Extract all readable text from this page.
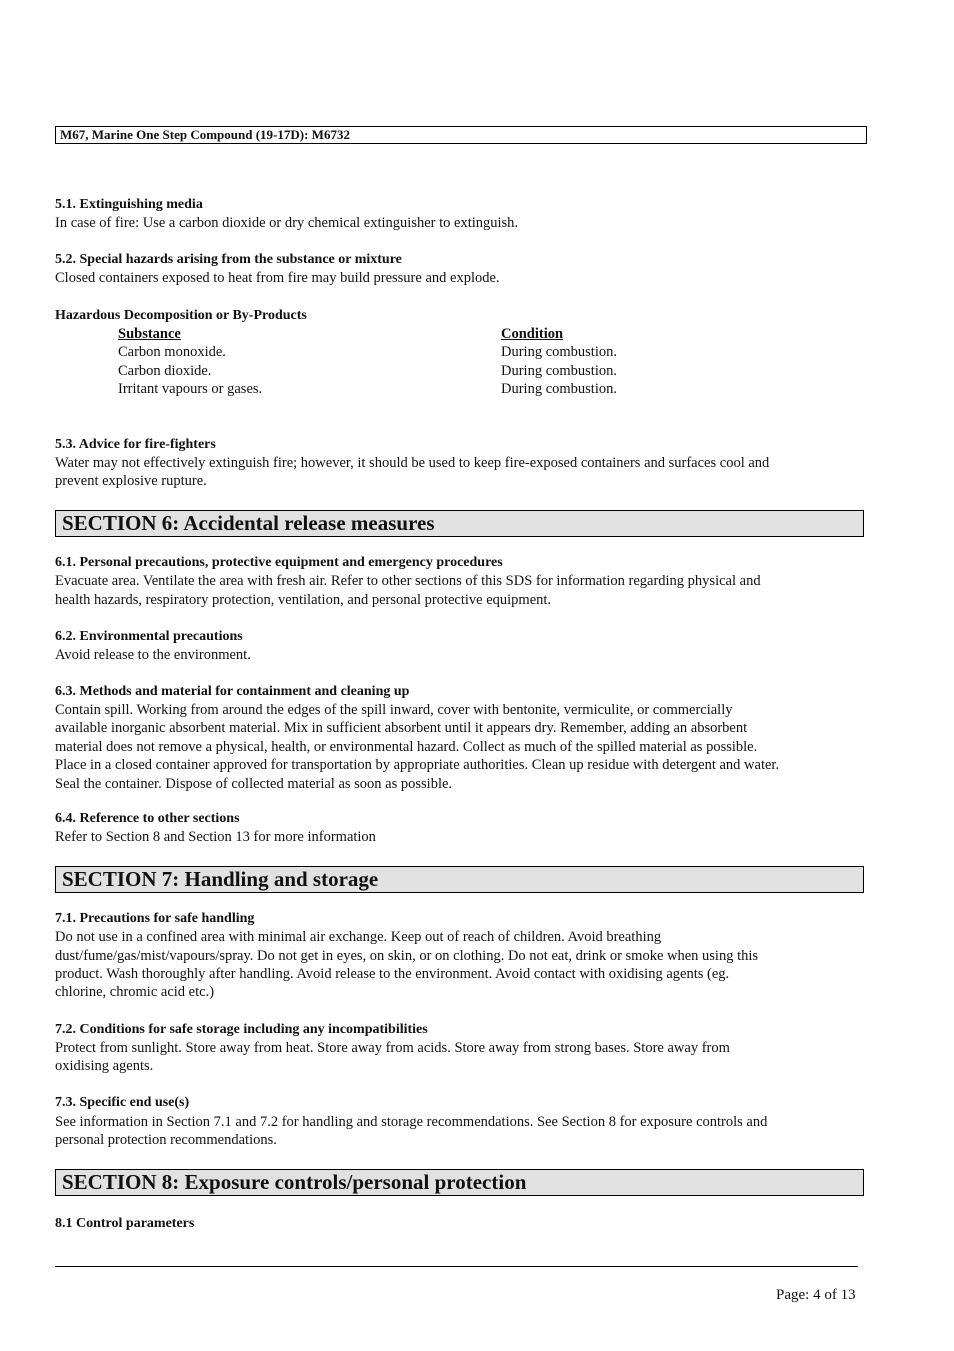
M67, Marine One Step Compound (19-17D): M6732
5.1. Extinguishing media
In case of fire: Use a carbon dioxide or dry chemical extinguisher to extinguish.
5.2. Special hazards arising from the substance or mixture
Closed containers exposed to heat from fire may build pressure and explode.
Hazardous Decomposition or By-Products
Substance	Condition
Carbon monoxide.	During combustion.
Carbon dioxide.	During combustion.
Irritant vapours or gases.	During combustion.
5.3. Advice for fire-fighters
Water may not effectively extinguish fire; however, it should be used to keep fire-exposed containers and surfaces cool and
prevent explosive rupture.
SECTION 6: Accidental release measures
6.1. Personal precautions, protective equipment and emergency procedures
Evacuate area. Ventilate the area with fresh air. Refer to other sections of this SDS for information regarding physical and
health hazards, respiratory protection, ventilation, and personal protective equipment.
6.2. Environmental precautions
Avoid release to the environment.
6.3. Methods and material for containment and cleaning up
Contain spill. Working from around the edges of the spill inward, cover with bentonite, vermiculite, or commercially
available inorganic absorbent material. Mix in sufficient absorbent until it appears dry. Remember, adding an absorbent
material does not remove a physical, health, or environmental hazard. Collect as much of the spilled material as possible.
Place in a closed container approved for transportation by appropriate authorities. Clean up residue with detergent and water.
Seal the container. Dispose of collected material as soon as possible.
6.4. Reference to other sections
Refer to Section 8 and Section 13 for more information
SECTION 7: Handling and storage
7.1. Precautions for safe handling
Do not use in a confined area with minimal air exchange. Keep out of reach of children. Avoid breathing
dust/fume/gas/mist/vapours/spray. Do not get in eyes, on skin, or on clothing. Do not eat, drink or smoke when using this
product. Wash thoroughly after handling. Avoid release to the environment. Avoid contact with oxidising agents (eg.
chlorine, chromic acid etc.)
7.2. Conditions for safe storage including any incompatibilities
Protect from sunlight. Store away from heat. Store away from acids. Store away from strong bases. Store away from
oxidising agents.
7.3. Specific end use(s)
See information in Section 7.1 and 7.2 for handling and storage recommendations. See Section 8 for exposure controls and
personal protection recommendations.
SECTION 8: Exposure controls/personal protection
8.1 Control parameters
Page: 4 of 13
